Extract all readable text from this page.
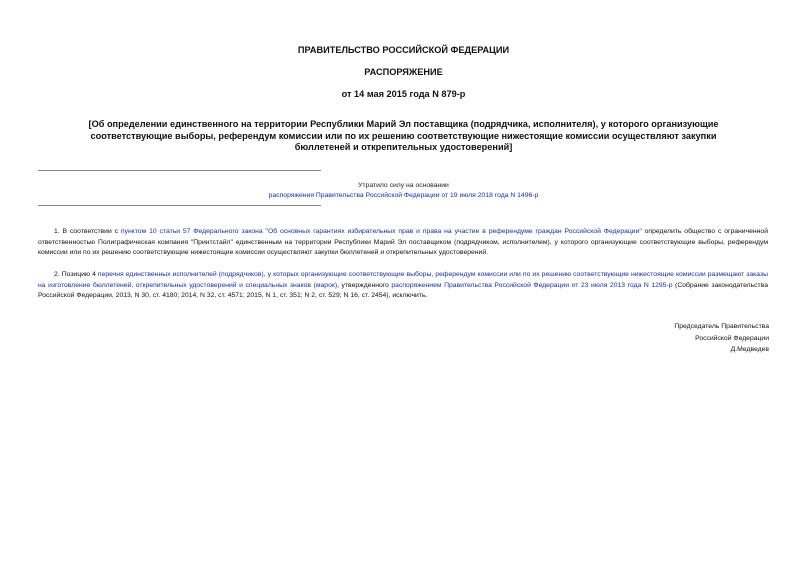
ПРАВИТЕЛЬСТВО РОССИЙСКОЙ ФЕДЕРАЦИИ
РАСПОРЯЖЕНИЕ
от 14 мая 2015 года N 879-р
[Об определении единственного на территории Республики Марий Эл поставщика (подрядчика, исполнителя), у которого организующие соответствующие выборы, референдум комиссии или по их решению соответствующие нижестоящие комиссии осуществляют закупки бюллетеней и открепительных удостоверений]
Утратило силу на основании
распоряжения Правительства Российской Федерации от 19 июля 2018 года N 1496-р
1. В соответствии с пунктом 10 статьи 57 Федерального закона "Об основных гарантиях избирательных прав и права на участие в референдуме граждан Российской Федерации" определить общество с ограниченной ответственностью Полиграфическая компания "Принтстайл" единственным на территории Республики Марий Эл поставщиком (подрядчиком, исполнителем), у которого организующие соответствующие выборы, референдум комиссии или по их решению соответствующие нижестоящие комиссии осуществляют закупки бюллетеней и открепительных удостоверений.
2. Позицию 4 перечня единственных исполнителей (подрядчиков), у которых организующие соответствующие выборы, референдум комиссии или по их решению соответствующие нижестоящие комиссии размещают заказы на изготовление бюллетеней, открепительных удостоверений и специальных знаков (марок), утвержденного распоряжением Правительства Российской Федерации от 23 июля 2013 года N 1295-р (Собрание законодательства Российской Федерации, 2013, N 30, ст. 4180; 2014, N 32, ст. 4571; 2015, N 1, ст. 351; N 2, ст. 529; N 16, ст. 2454), исключить.
Председатель Правительства
Российской Федерации
Д.Медведев
